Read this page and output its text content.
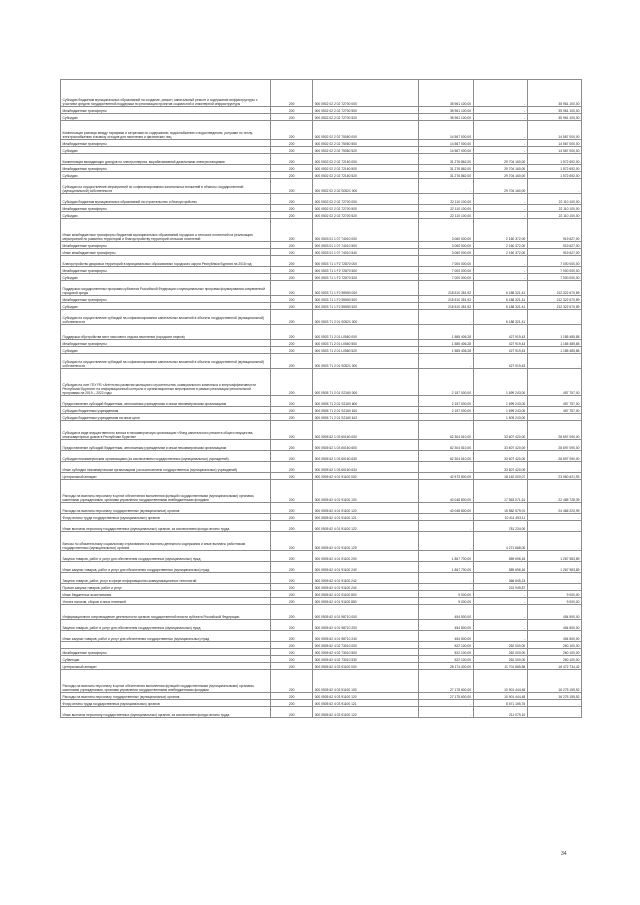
Субсидии бюджетам муниципальных образований на создание, ремонт, капитальный ремонт и содержание инфраструктуры с участием средств государственной поддержки по реализации проектов социальной и инженерной инфраструктуры	200	000 0502 02 2 02 72700 000	35 961 100,00	-	35 961 100,00
Межбюджетные трансферты	200	000 0502 02 2 02 72700 500	35 961 100,00	-	35 961 100,00
Субсидии	200	000 0502 02 2 02 72700 520	35 961 100,00	-	35 961 100,00
Компенсация разницы между тарифами и затратами по содержанию, водоснабжению и водоотведению, услугами по теплу, электроснабжению и вывозу отходов для населения и физических лиц	200	000 0502 02 2 02 75060 000	14 567 000,00	-	14 567 000,00
Межбюджетные трансферты	200	000 0502 02 2 02 75060 500	14 567 000,00	-	14 567 000,00
Субсидии	200	000 0502 02 2 02 75060 520	14 567 000,00	-	14 567 000,00
Компенсация выпадающих доходов по электроэнергии, вырабатываемой дизельными электростанциями	200	000 0502 02 2 02 72160 000	31 276 862,00	29 704 160,00	1 572 692,00
Межбюджетные трансферты	200	000 0502 02 2 02 72160 500	31 276 862,00	29 704 160,00	1 572 692,00
Субсидии	200	000 0502 02 2 02 72160 520	31 276 862,00	29 704 160,00	1 572 692,00
Субсидии на осуществление мероприятий по софинансированию капитальных вложений в объекты государственной (муниципальной) собственности	200	000 0502 02 2 02 S0521 000	-	29 704 160,00	-
Субсидии бюджетам муниципальных образований на строительство и благоустройство	200	000 0502 02 2 02 72700 000	22 110 100,00	-	22 110 100,00
Межбюджетные трансферты	200	000 0502 02 2 02 72700 500	22 110 100,00	-	22 110 100,00
Субсидии	200	000 0502 02 2 02 72700 520	22 110 100,00	-	22 110 100,00
Иные межбюджетные трансферты бюджетам муниципальных образований городских и сельских поселений на реализацию мероприятий по развитию территорий и благоустройству территорий сельских поселений	200	000 0503 01 1 07 74010 000	3 060 000,00	2 160 372,00	919 627,00
Межбюджетные трансферты	200	000 0503 01 1 07 74010 500	3 060 000,00	2 160 372,00	919 627,00
Иные межбюджетные трансферты	200	000 0503 01 1 07 74010 540	3 060 000,00	2 160 372,00	919 627,00
Благоустройство дворовых территорий в муниципальных образованиях городского округа Республики Бурятия на 2018 год	200	000 0503 71 1 F2 72870 000	7 000 000,00	-	7 000 000,00
Межбюджетные трансферты	200	000 0503 71 1 F2 72870 500	7 000 000,00	-	7 000 000,00
Субсидии	200	000 0503 71 1 F2 72870 520	7 000 000,00	-	7 000 000,00
Поддержка государственных программ субъектов Российской Федерации и муниципальных программ формирования современной городской среды	200	000 0503 71 1 F2 55550 000	218 510 351,92	6 188 321,41	212 322 670,89
Межбюджетные трансферты	200	000 0503 71 1 F2 55550 500	218 510 351,92	6 188 321,41	212 322 670,89
Субсидии	200	000 0503 71 1 F2 55550 520	218 510 351,92	6 188 321,41	212 322 670,89
Субсидии на осуществление субсидий на софинансирование капитальных вложений в объекты государственной (муниципальной) собственности	200	000 0503 71 2 01 S0521 000	-	6 188 321,41	-
Поддержка обустройства мест массового отдыха населения (городских парков)	200	000 0503 71 2 01 L0560 000	1 585 406,28	427 919,43	1 185 485,85
Межбюджетные трансферты	200	000 0503 71 2 01 L0560 500	1 585 406,28	427 919,43	1 185 485,85
Субсидии	200	000 0503 71 2 01 L0560 520	1 585 406,28	427 919,43	1 185 485,85
Субсидии на осуществление субсидий на софинансирование капитальных вложений в объекты государственной (муниципальной) собственности	200	000 0503 71 2 01 S0521 000	-	427 919,43	-
Субсидии на счет ГБУ РБ «Агентство развития жилищного строительства, коммунального комплекса и энергоэффективности Республики Бурятия» на информационный контроль и организационные мероприятия в рамках реализации региональной программы на 2019 – 2022 годы	200	000 0505 71 2 01 S2160 000	2 157 000,00	1 699 243,00	457 757,00
Предоставление субсидий бюджетным, автономным учреждениям и иным некоммерческим организациям	200	000 0505 71 2 01 S2160 600	2 157 000,00	1 699 243,00	457 757,00
Субсидии бюджетным учреждениям	200	000 0505 71 2 01 S2160 610	2 157 000,00	1 699 243,00	457 757,00
Субсидии бюджетным учреждениям на иные цели	200	000 0505 71 2 01 S2160 612	-	1 509 243,00	-
Субсидии в виде имущественного взноса в некоммерческую организацию «Фонд капитального ремонта общего имущества многоквартирных домов в Республике Бурятия»	200	000 0505 62 1 03 60160 000	62 304 510,00	33 607 420,00	28 697 090,00
Предоставление субсидий бюджетным, автономным учреждениям и иным некоммерческим организациям	200	000 0505 62 1 03 60160 600	62 304 510,00	33 607 420,00	28 697 090,00
Субсидии некоммерческим организациям (за исключением государственных (муниципальных) учреждений)	200	000 0505 62 1 03 60160 630	62 304 510,00	33 607 420,00	28 697 090,00
Иные субсидии некоммерческим организациям (за исключением государственных (муниципальных) учреждений)	200	000 0505 62 1 03 60160 634	-	33 607 420,00	-
Центральный аппарат	200	000 0505 62 4 01 91100 000	42 573 800,00	18 162 000,07	23 960 621,93
Расходы на выплаты персоналу в целях обеспечения выполнения функций государственными (муниципальными) органами, казенными учреждениями, органами управления государственными внебюджетными фондами	200	000 0505 62 4 01 91100 100	40 048 800,00	17 563 071,61	22 485 728,39
Расходы на выплаты персоналу государственных (муниципальных) органов	200	000 0505 62 4 01 91100 120	40 048 800,00	15 582 579,01	24 466 220,99
Фонд оплаты труда государственных (муниципальных) органов	200	000 0505 62 4 01 91100 121	-	10 411 493,11	-
Иные выплаты персоналу государственных (муниципальных) органов, за исключением фонда оплаты труда	200	000 0505 62 4 01 91100 122	-	781 234,00	-
Взносы по обязательному социальному страхованию на выплаты денежного содержания и иные выплаты работникам государственных (муниципальных) органов	200	000 0505 62 4 01 91100 129	-	4 271 668,00	-
Закупка товаров, работ и услуг для обеспечения государственных (муниципальных) нужд	200	000 0505 62 4 01 91100 200	1 867 700,00	589 696,16	1 267 983,89
Иные закупки товаров, работ и услуг для обеспечения государственных (муниципальных) нужд	200	000 0505 62 4 01 91100 240	1 867 700,00	589 696,16	1 267 983,89
Закупка товаров, работ, услуг в сфере информационно-коммуникационных технологий	200	000 0505 62 4 01 91100 242	-	366 845,23	-
Прочая закупка товаров, работ и услуг	200	000 0505 62 4 01 91100 244	-	222 949,87	-
Иные бюджетные ассигнования	200	000 0505 62 4 01 91100 800	9 000,00	-	9 000,00
Уплата налогов, сборов и иных платежей	200	000 0505 62 4 01 91100 850	9 000,00	-	9 000,00
Информационное сопровождение деятельности органов государственной власти субъекта Российской Федерации	200	000 0505 62 4 01 98710 000	454 500,00	-	454 500,00
Закупка товаров, работ и услуг для обеспечения государственных (муниципальных) нужд	200	000 0505 62 4 01 98710 200	454 500,00	-	454 500,00
Иные закупки товаров, работ и услуг для обеспечения государственных (муниципальных) нужд	200	000 0505 62 4 01 98710 240	454 500,00	-	454 500,00
	200	000 0505 62 4 02 73010 000	522 100,00	262 000,00	260 100,00
Межбюджетные трансферты	200	000 0505 62 4 02 73010 500	522 100,00	262 000,00	260 100,00
Субвенции	200	000 0505 62 4 02 73010 530	522 100,00	262 000,00	260 100,00
Центральный аппарат	200	000 0505 62 4 03 91100 000	28 174 400,00	11 701 665,58	16 472 734,42
Расходы на выплаты персоналу в целях обеспечения выполнения функций государственными (муниципальными) органами, казенными учреждениями, органами управления государственными внебюджетными фондами	200	000 0505 62 4 03 91100 100	27 175 600,00	10 901 444,48	16 275 155,52
Расходы на выплаты персоналу государственных (муниципальных) органов	200	000 0505 62 4 03 91100 120	27 175 600,00	10 901 444,48	16 275 155,52
Фонд оплаты труда государственных (муниципальных) органов	200	000 0505 62 4 03 91100 121	-	8 571 165,76	-
Иные выплаты персоналу государственных (муниципальных) органов, за исключением фонда оплаты труда	200	000 0505 62 4 03 91100 122	-	211 079,10	-
34
